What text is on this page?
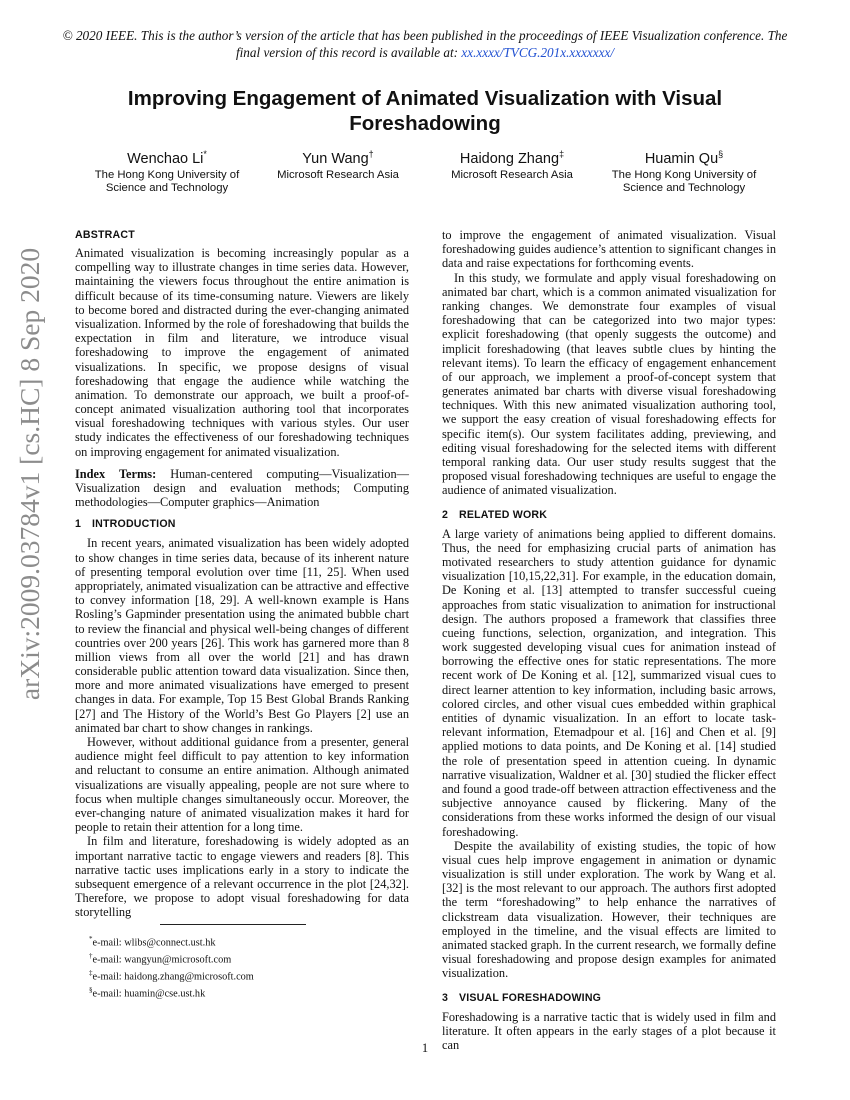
© 2020 IEEE. This is the author’s version of the article that has been published in the proceedings of IEEE Visualization conference. The final version of this record is available at: xx.xxxx/TVCG.201x.xxxxxxx/
arXiv:2009.03784v1 [cs.HC] 8 Sep 2020
Improving Engagement of Animated Visualization with Visual Foreshadowing
Wenchao Li*
The Hong Kong University of Science and Technology
Yun Wang†
Microsoft Research Asia
Haidong Zhang‡
Microsoft Research Asia
Huamin Qu§
The Hong Kong University of Science and Technology
ABSTRACT

Animated visualization is becoming increasingly popular as a compelling way to illustrate changes in time series data. However, maintaining the viewers focus throughout the entire animation is difficult because of its time-consuming nature. Viewers are likely to become bored and distracted during the ever-changing animated visualization. Informed by the role of foreshadowing that builds the expectation in film and literature, we introduce visual foreshadowing to improve the engagement of animated visualizations. In specific, we propose designs of visual foreshadowing that engage the audience while watching the animation. To demonstrate our approach, we built a proof-of-concept animated visualization authoring tool that incorporates visual foreshadowing techniques with various styles. Our user study indicates the effectiveness of our foreshadowing techniques on improving engagement for animated visualization.

Index Terms: Human-centered computing—Visualization—Visualization design and evaluation methods; Computing methodologies—Computer graphics—Animation

1 INTRODUCTION

In recent years, animated visualization has been widely adopted to show changes in time series data, because of its inherent nature of presenting temporal evolution over time [11, 25]. When used appropriately, animated visualization can be attractive and effective to convey information [18, 29]. A well-known example is Hans Rosling’s Gapminder presentation using the animated bubble chart to review the financial and physical well-being changes of different countries over 200 years [26]. This work has garnered more than 8 million views from all over the world [21] and has drawn considerable public attention toward data visualization. Since then, more and more animated visualizations have emerged to present changes in data. For example, Top 15 Best Global Brands Ranking [27] and The History of the World’s Best Go Players [2] use an animated bar chart to show changes in rankings.

However, without additional guidance from a presenter, general audience might feel difficult to pay attention to key information and reluctant to consume an entire animation. Although animated visualizations are visually appealing, people are not sure where to focus when multiple changes simultaneously occur. Moreover, the ever-changing nature of animated visualization makes it hard for people to retain their attention for a long time.

In film and literature, foreshadowing is widely adopted as an important narrative tactic to engage viewers and readers [8]. This narrative tactic uses implications early in a story to indicate the subsequent emergence of a relevant occurrence in the plot [24,32]. Therefore, we propose to adopt visual foreshadowing for data storytelling

*e-mail: wlibs@connect.ust.hk
†e-mail: wangyun@microsoft.com
‡e-mail: haidong.zhang@microsoft.com
§e-mail: huamin@cse.ust.hk

to improve the engagement of animated visualization. Visual foreshadowing guides audience’s attention to significant changes in data and raise expectations for forthcoming events.

In this study, we formulate and apply visual foreshadowing on animated bar chart, which is a common animated visualization for ranking changes. We demonstrate four examples of visual foreshadowing that can be categorized into two major types: explicit foreshadowing (that openly suggests the outcome) and implicit foreshadowing (that leaves subtle clues by hinting the relevant items). To learn the efficacy of engagement enhancement of our approach, we implement a proof-of-concept system that generates animated bar charts with diverse visual foreshadowing techniques. With this new animated visualization authoring tool, we support the easy creation of visual foreshadowing effects for specific item(s). Our system facilitates adding, previewing, and editing visual foreshadowing for the selected items with different temporal ranking data. Our user study results suggest that the proposed visual foreshadowing techniques are useful to engage the audience of animated visualization.

2 RELATED WORK

A large variety of animations being applied to different domains. Thus, the need for emphasizing crucial parts of animation has motivated researchers to study attention guidance for dynamic visualization [10,15,22,31]. For example, in the education domain, De Koning et al. [13] attempted to transfer successful cueing approaches from static visualization to animation for instructional design. The authors proposed a framework that classifies three cueing functions, selection, organization, and integration. This work suggested developing visual cues for animation instead of borrowing the effective ones for static representations. The more recent work of De Koning et al. [12], summarized visual cues to direct learner attention to key information, including basic arrows, colored circles, and other visual cues embedded within graphical entities of dynamic visualization. In an effort to locate task-relevant information, Etemadpour et al. [16] and Chen et al. [9] applied motions to data points, and De Koning et al. [14] studied the role of presentation speed in attention cueing. In dynamic narrative visualization, Waldner et al. [30] studied the flicker effect and found a good trade-off between attraction effectiveness and the subjective annoyance caused by flickering. Many of the considerations from these works informed the design of our visual foreshadowing.

Despite the availability of existing studies, the topic of how visual cues help improve engagement in animation or dynamic visualization is still under exploration. The work by Wang et al. [32] is the most relevant to our approach. The authors first adopted the term “foreshadowing” to help enhance the narratives of clickstream data visualization. However, their techniques are employed in the timeline, and the visual effects are limited to animated stacked graph. In the current research, we formally define visual foreshadowing and propose design examples for animated visualization.

3 VISUAL FORESHADOWING

Foreshadowing is a narrative tactic that is widely used in film and literature. It often appears in the early stages of a plot because it can

1
